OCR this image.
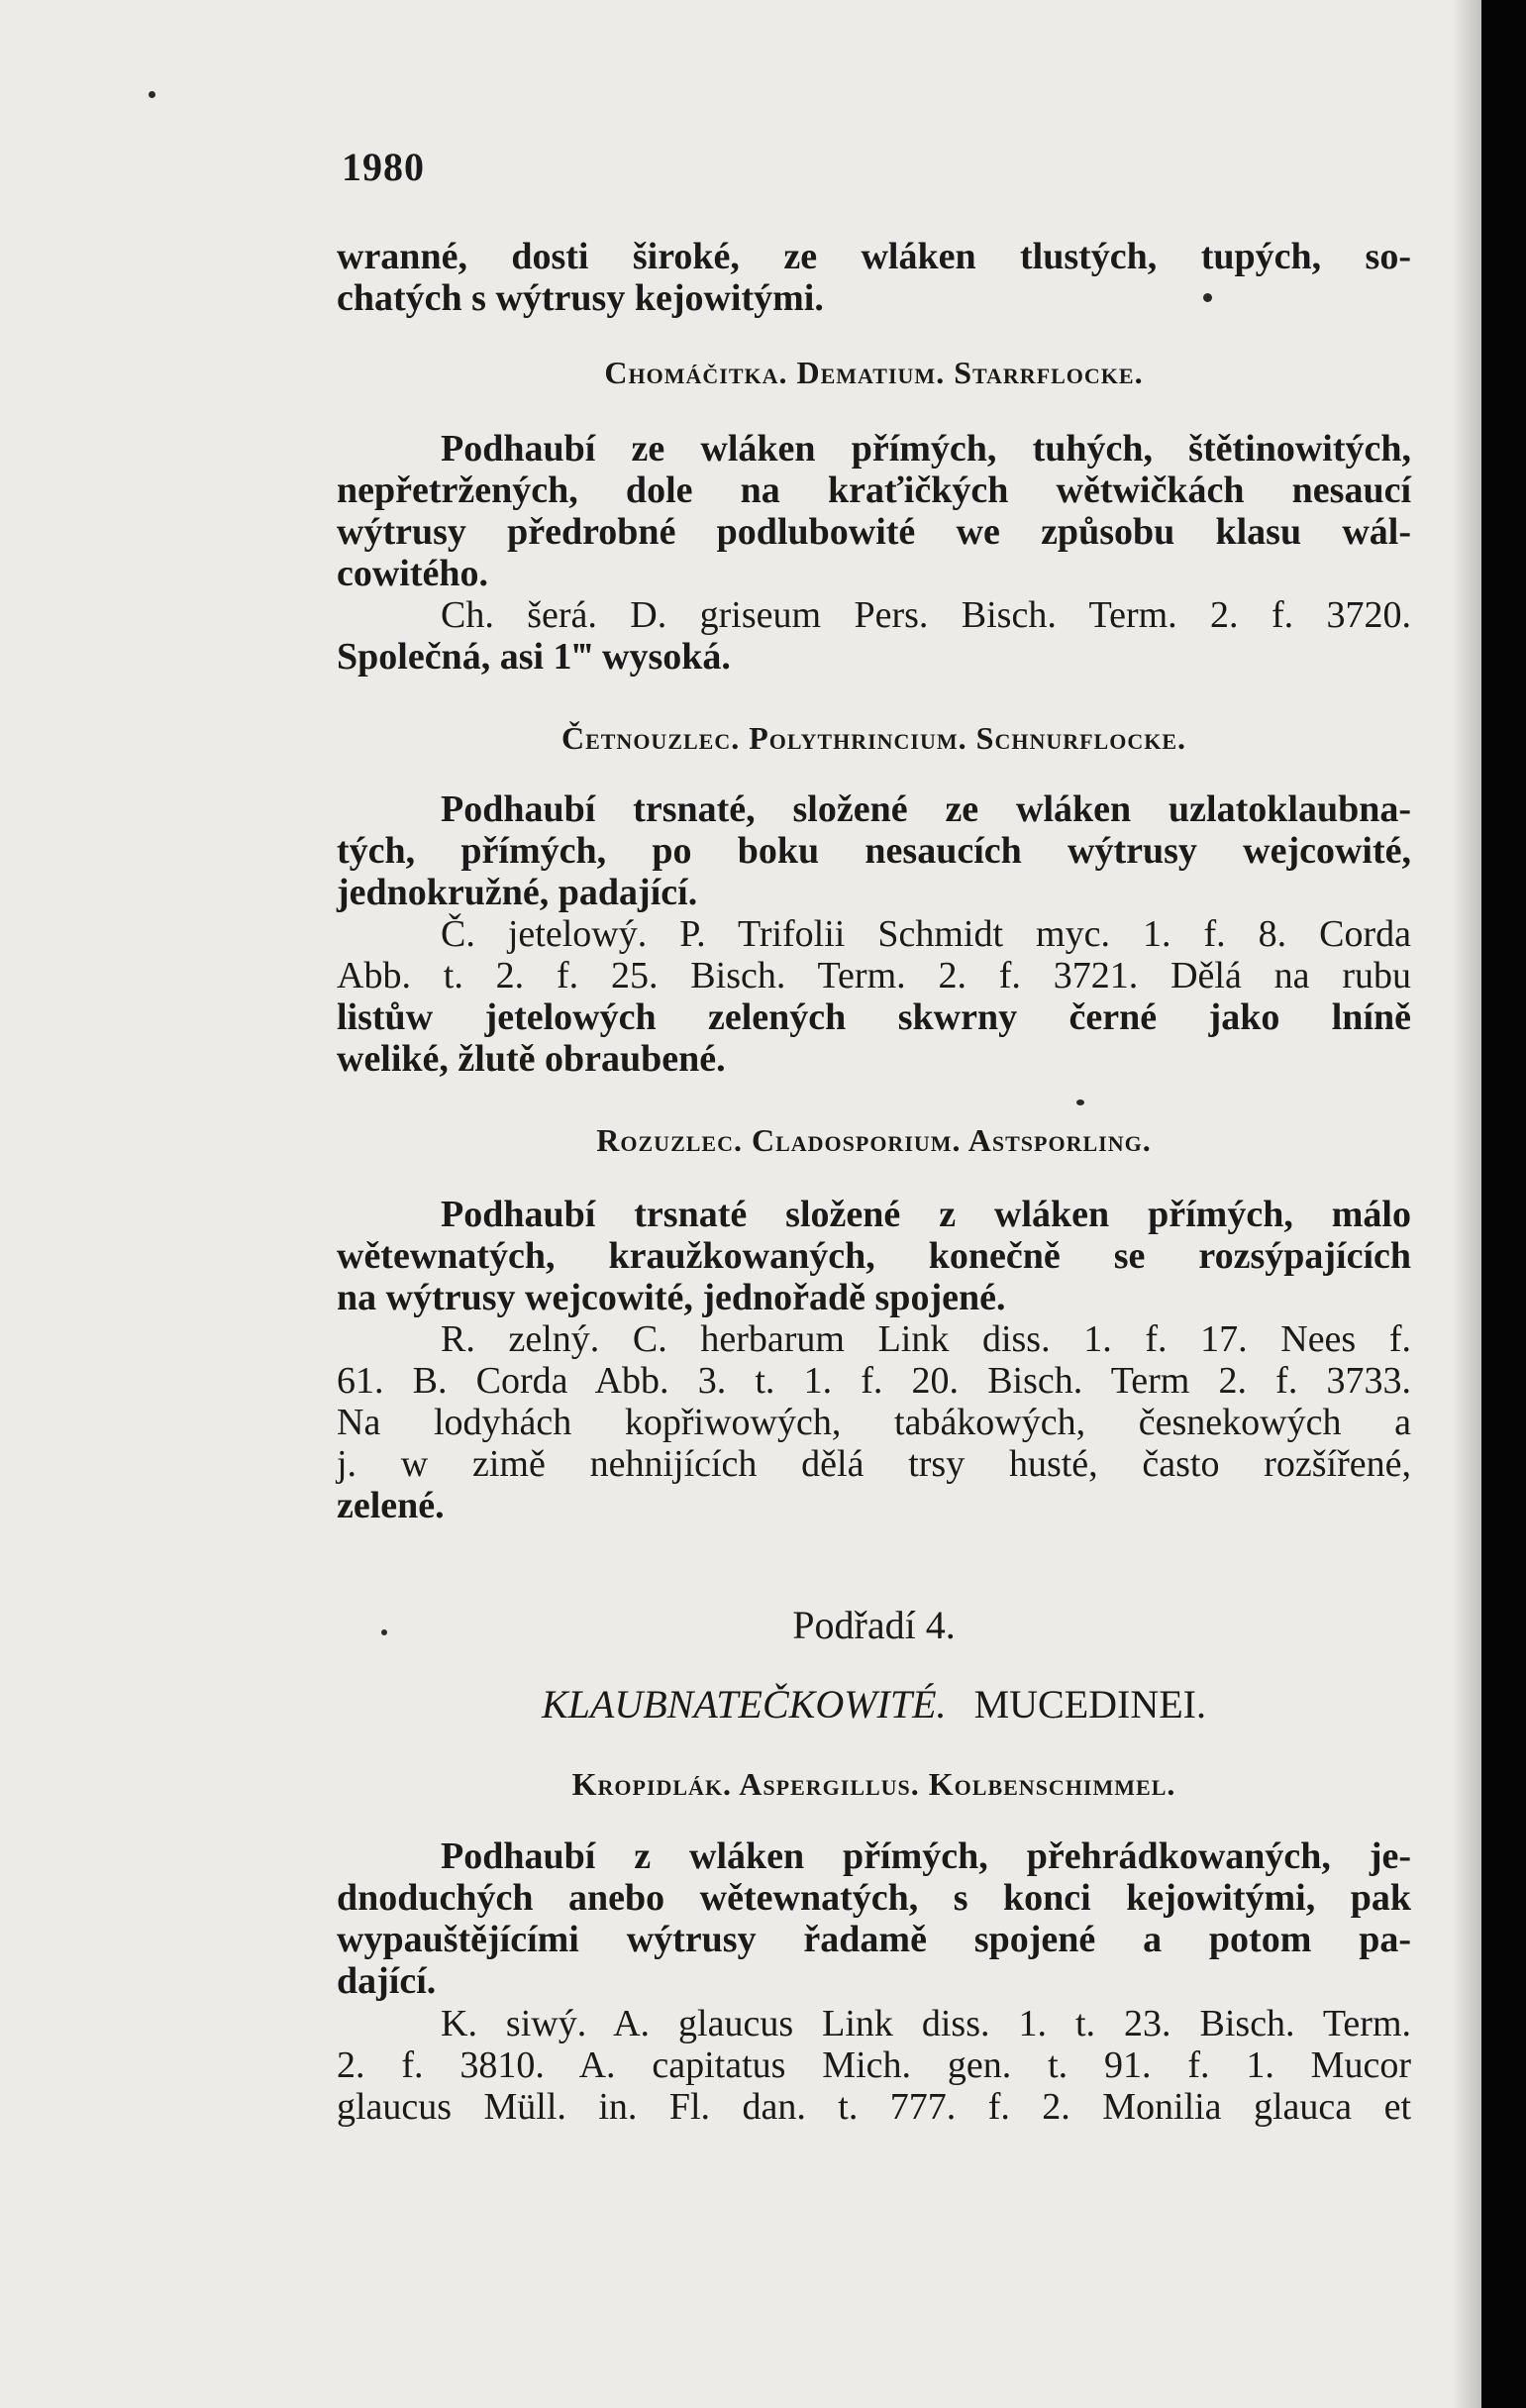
1980
wranné, dosti široké, ze wláken tlustých, tupých, so-
chatých s wýtrusy kejowitými.
Chomáčitka. Dematium. Starrflocke.
Podhaubí ze wláken přímých, tuhých, štětinowitých,
nepřetržených, dole na kraťičkých wětwičkách nesaucí
wýtrusy předrobné podlubowité we způsobu klasu wál-
cowitého.
Ch. šerá. D. griseum Pers. Bisch. Term. 2. f. 3720.
Společná, asi 1‴ wysoká.
Četnouzlec. Polythrincium. Schnurflocke.
Podhaubí trsnaté, složené ze wláken uzlatoklaubna-
tých, přímých, po boku nesaucích wýtrusy wejcowité,
jednokružné, padající.
Č. jetelowý. P. Trifolii Schmidt myc. 1. f. 8. Corda
Abb. t. 2. f. 25. Bisch. Term. 2. f. 3721. Dělá na rubu
listůw jetelowých zelených skwrny černé jako lníně
weliké, žlutě obraubené.
Rozuzlec. Cladosporium. Astsporling.
Podhaubí trsnaté složené z wláken přímých, málo
wětewnatých, kraužkowaných, konečně se rozsýpajících
na wýtrusy wejcowité, jednořadě spojené.
R. zelný. C. herbarum Link diss. 1. f. 17. Nees f.
61. B. Corda Abb. 3. t. 1. f. 20. Bisch. Term 2. f. 3733.
Na lodyhách kopřiwowých, tabákowých, česnekowých a
j. w zimě nehnijících dělá trsy husté, často rozšířené,
zelené.
Podřadí 4.
KLAUBNATEČKOWITÉ. MUCEDINEI.
Kropidlák. Aspergillus. Kolbenschimmel.
Podhaubí z wláken přímých, přehrádkowaných, je-
dnoduchých anebo wětewnatých, s konci kejowitými, pak
wypauštějícími wýtrusy řadamě spojené a potom pa-
dající.
K. siwý. A. glaucus Link diss. 1. t. 23. Bisch. Term.
2. f. 3810. A. capitatus Mich. gen. t. 91. f. 1. Mucor
glaucus Müll. in. Fl. dan. t. 777. f. 2. Monilia glauca et
